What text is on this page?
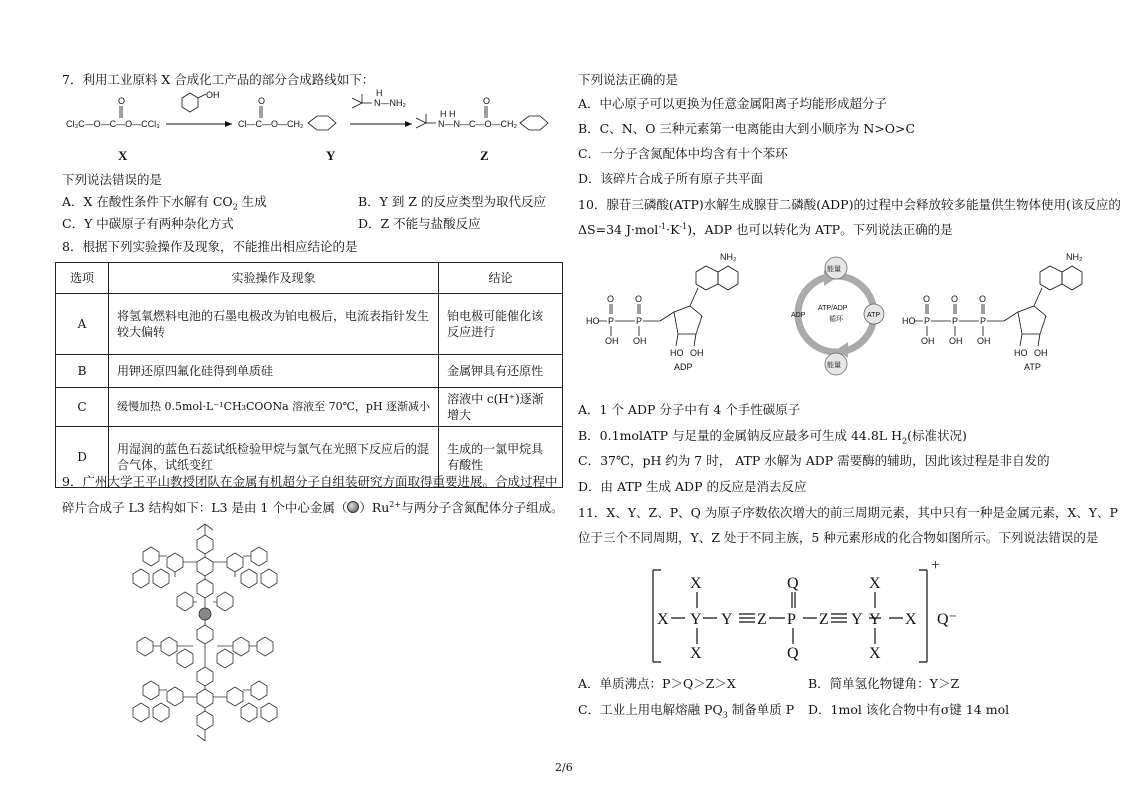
7．利用工业原料 X 合成化工产品的部分合成路线如下：
Cl₃C—O—C—O—CCl₃
O
OH
Cl—C—O—CH₂
O	N—NH₂
H
N—N—C—O—CH₂
H H
O
X	Y	Z
下列说法错误的是
A．X 在酸性条件下水解有 $CO_2$ 生成	B．Y 到 Z 的反应类型为取代反应
C．Y 中碳原子有两种杂化方式	D．Z 不能与盐酸反应
8．根据下列实验操作及现象，不能推出相应结论的是
选项	实验操作及现象	结论
A	将氢氧燃料电池的石墨电极改为铂电极后，电流表指针发生较大偏转	铂电极可能催化该反应进行
B	用钾还原四氟化硅得到单质硅	金属钾具有还原性
C	缓慢加热 0.5mol·L⁻¹CH₃COONa 溶液至 70℃，pH 逐渐减小	溶液中 c(H⁺)逐渐增大
D	用湿润的蓝色石蕊试纸检验甲烷与氯气在光照下反应后的混合气体，试纸变红	生成的一氯甲烷具有酸性
9．广州大学王平山教授团队在金属有机超分子自组装研究方面取得重要进展。合成过程中
碎片合成子 L3 结构如下：L3 是由 1 个中心金属（ ）$Ru^{2+}$与两分子含氮配体分子组成。
下列说法正确的是
A．中心原子可以更换为任意金属阳离子均能形成超分子
B．C、N、O 三种元素第一电离能由大到小顺序为 N>O>C
C．一分子含氮配体中均含有十个苯环
D．该碎片合成子所有原子共平面
10．腺苷三磷酸(ATP)水解生成腺苷二磷酸(ADP)的过程中会释放较多能量供生物体使用(该反应的
ΔS=34 $J\cdot mol^{-1}\cdot K^{-1}$)，ADP 也可以转化为 ATP。下列说法正确的是
HO P P
O O
OH OH
HO OH
NH₂
ADP
能量
能量
ATP/ADP
循环
ADP	ATP
HO P P P
O O O
OH OH OH
HO OH
NH₂
ATP
A．1 个 ADP 分子中有 4 个手性碳原子
B．0.1molATP 与足量的金属钠反应最多可生成 44.8L $H_2$(标准状况)
C．37℃，pH 约为 7 时， ATP 水解为 ADP 需要酶的辅助，因此该过程是非自发的
D．由 ATP 生成 ADP 的反应是消去反应
11．X、Y、Z、P、Q 为原子序数依次增大的前三周期元素，其中只有一种是金属元素，X、Y、P
位于三个不同周期，Y、Z 处于不同主族，5 种元素形成的化合物如图所示。下列说法错误的是
X
X
Y
X
Y Z
Q
P
Q
Z Y
X
Y
X
X
+
Q⁻
A．单质沸点：P＞Q＞Z＞X	B．简单氢化物键角：Y＞Z
C．工业上用电解熔融 $PQ_3$ 制备单质 P D．1mol 该化合物中有σ键 14 mol
2/6
